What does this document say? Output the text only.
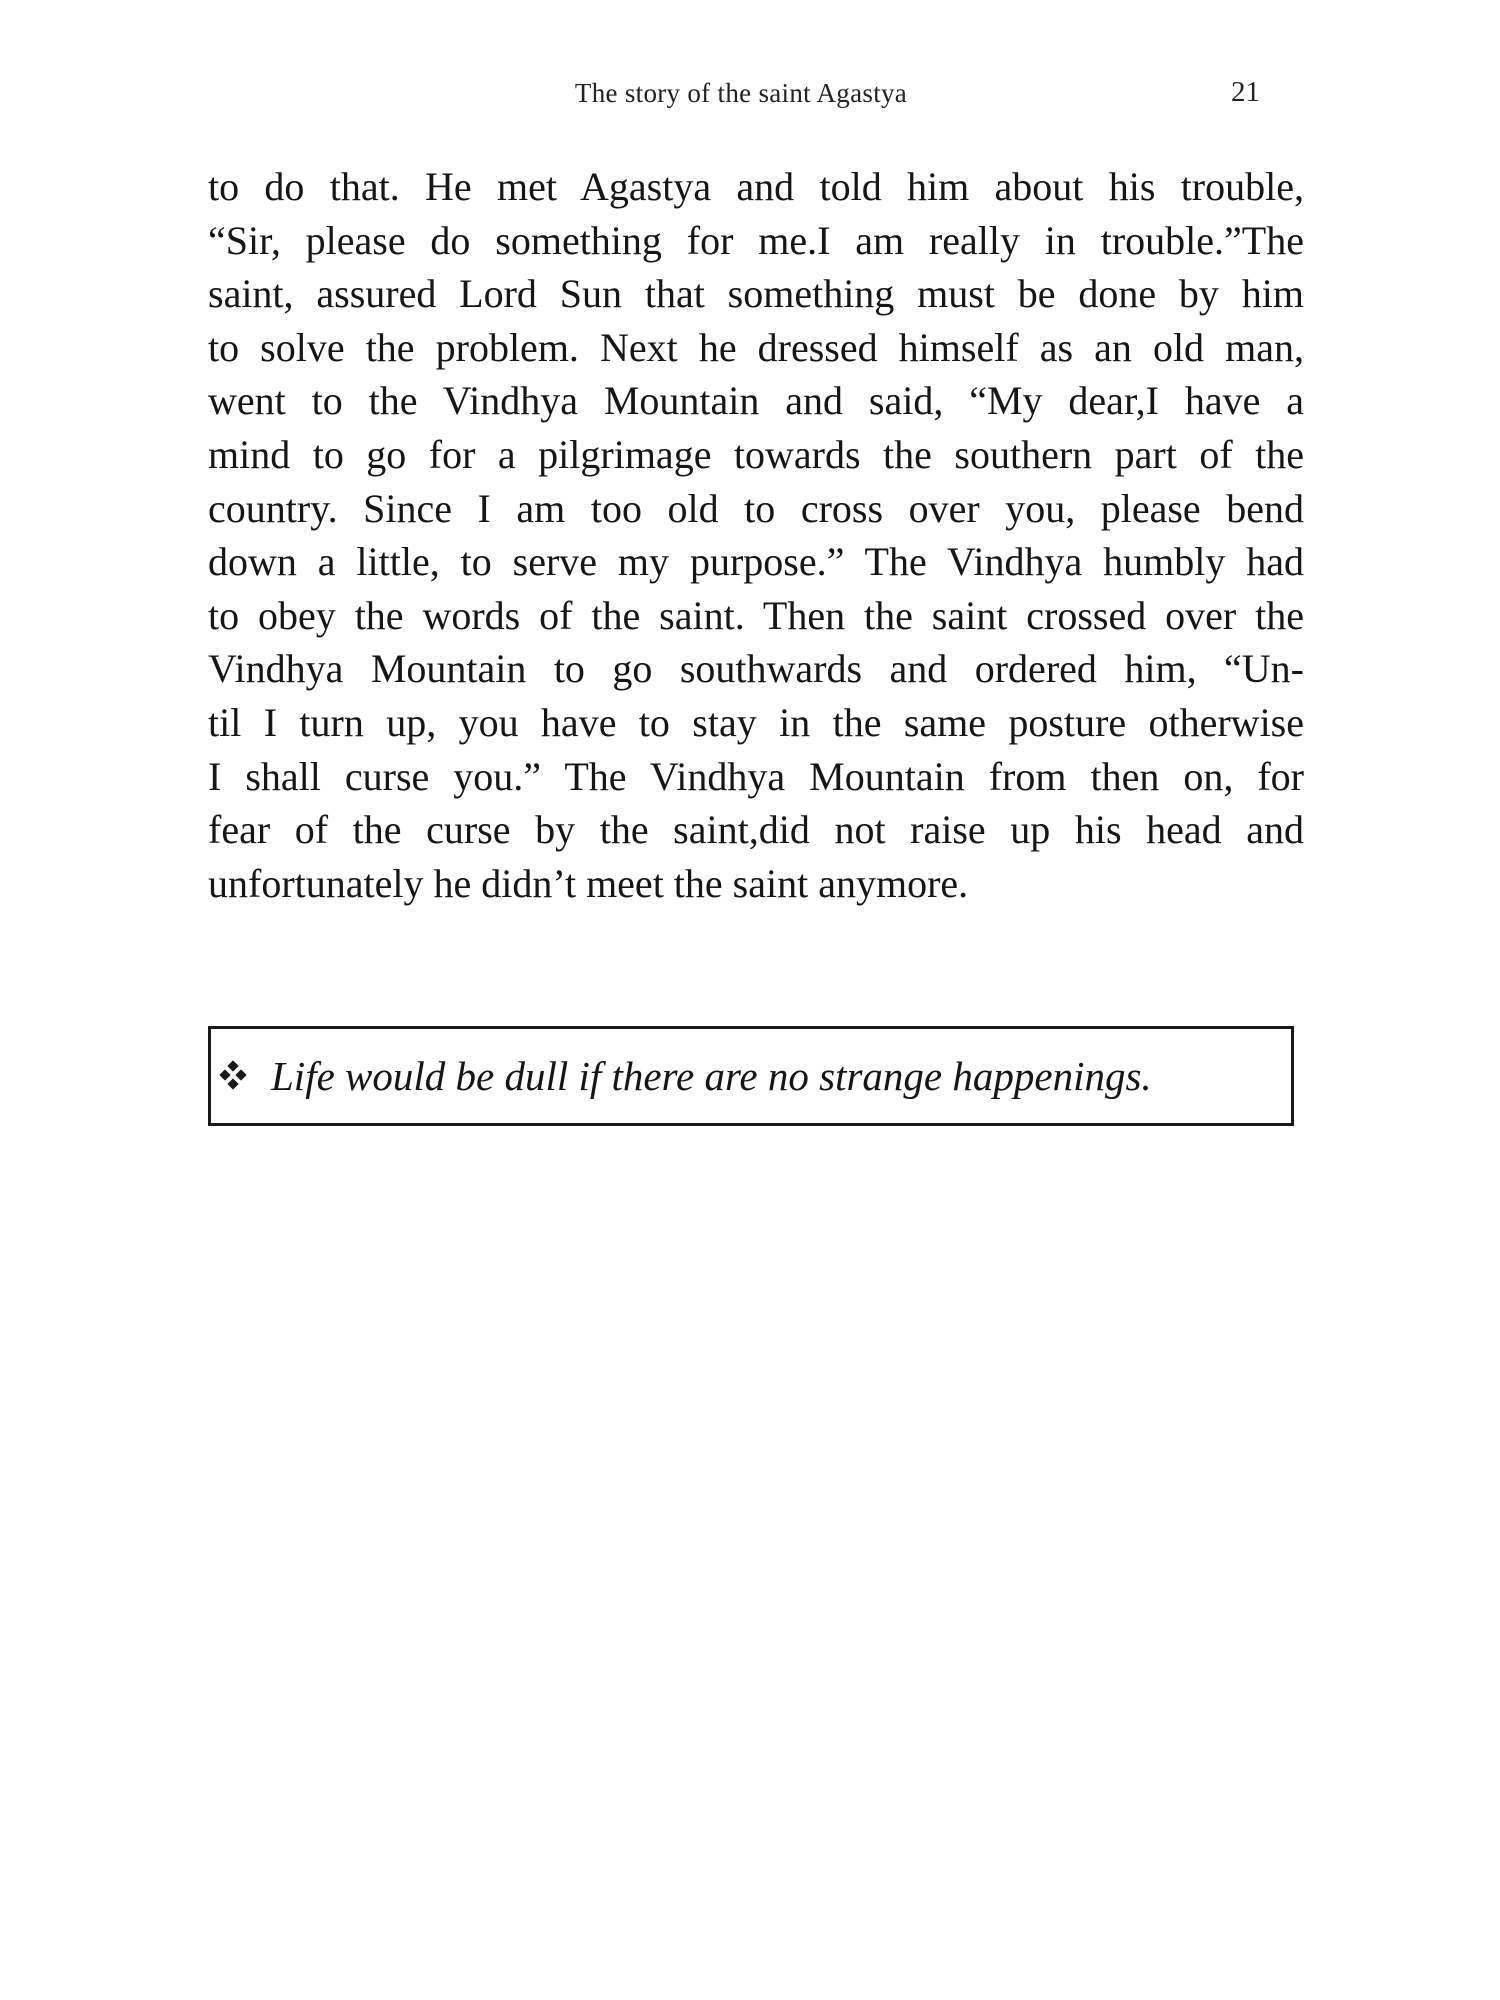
The story of the saint Agastya	21
to do that. He met Agastya and told him about his trouble,
“Sir, please do something for me.I am really in trouble.”The
saint, assured Lord Sun that something must be done by him
to solve the problem. Next he dressed himself as an old man,
went to the Vindhya Mountain and said, “My dear,I have a
mind to go for a pilgrimage towards the southern part of the
country. Since I am too old to cross over you, please bend
down a little, to serve my purpose.” The Vindhya humbly had
to obey the words of the saint. Then the saint crossed over the
Vindhya Mountain to go southwards and ordered him, “Un-
til I turn up, you have to stay in the same posture otherwise
I shall curse you.” The Vindhya Mountain from then on, for
fear of the curse by the saint,did not raise up his head and
unfortunately he didn’t meet the saint anymore.
Life would be dull if there are no strange happenings.
